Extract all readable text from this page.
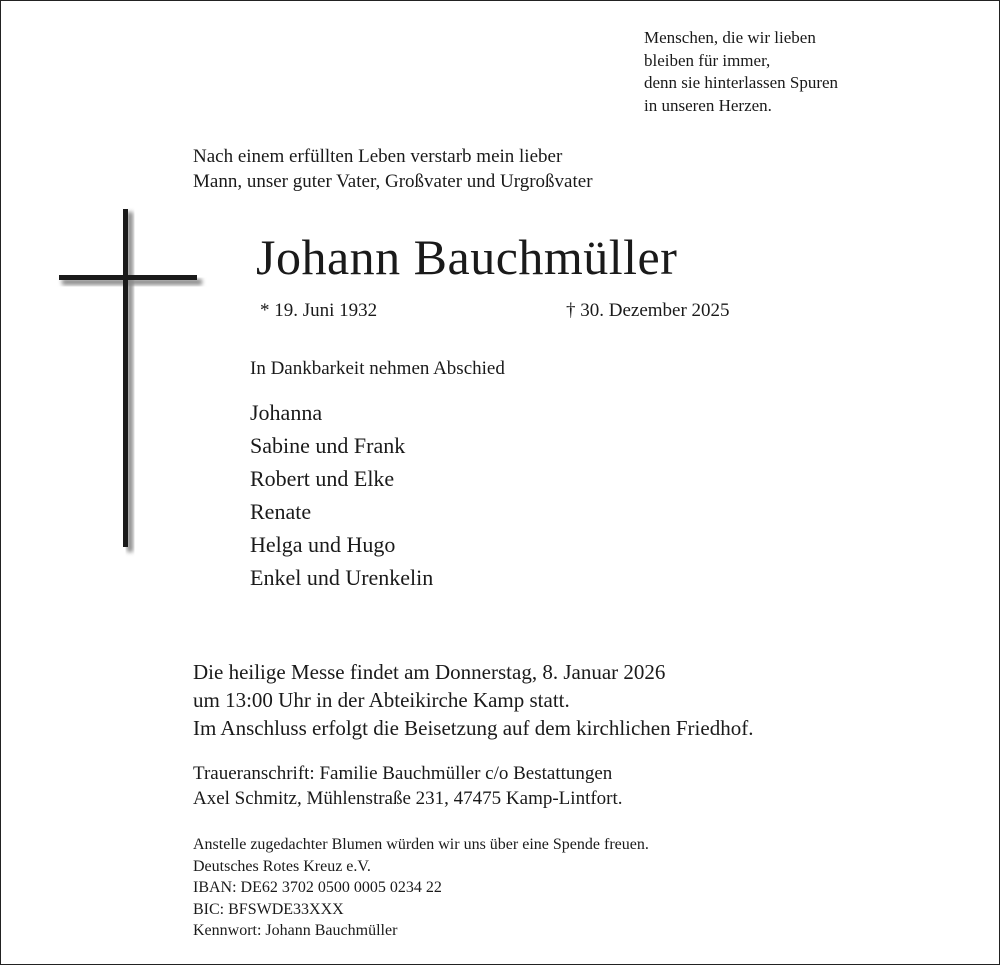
Menschen, die wir lieben
bleiben für immer,
denn sie hinterlassen Spuren
in unseren Herzen.
Nach einem erfüllten Leben verstarb mein lieber
Mann, unser guter Vater, Großvater und Urgroßvater
Johann Bauchmüller
* 19. Juni 1932	† 30. Dezember 2025
In Dankbarkeit nehmen Abschied
Johanna
Sabine und Frank
Robert und Elke
Renate
Helga und Hugo
Enkel und Urenkelin
Die heilige Messe findet am Donnerstag, 8. Januar 2026
um 13:00 Uhr in der Abteikirche Kamp statt.
Im Anschluss erfolgt die Beisetzung auf dem kirchlichen Friedhof.
Traueranschrift: Familie Bauchmüller c/o Bestattungen
Axel Schmitz, Mühlenstraße 231, 47475 Kamp-Lintfort.
Anstelle zugedachter Blumen würden wir uns über eine Spende freuen.
Deutsches Rotes Kreuz e.V.
IBAN: DE62 3702 0500 0005 0234 22
BIC: BFSWDE33XXX
Kennwort: Johann Bauchmüller
